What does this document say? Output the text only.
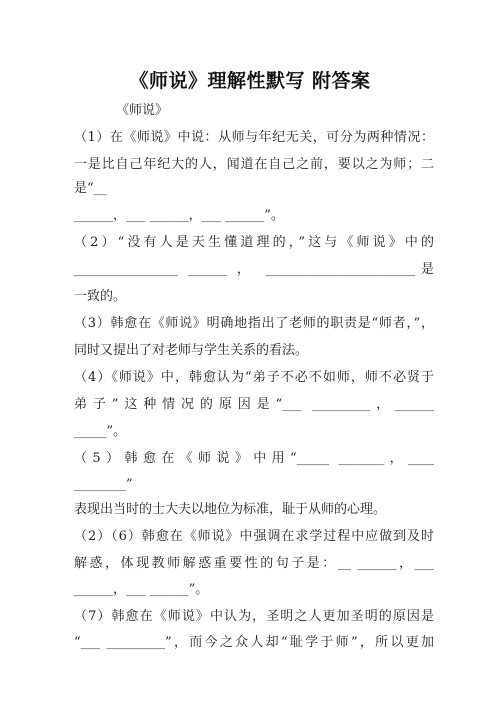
《师说》理解性默写 附答案
《师说》
（1）在《师说》中说：从师与年纪无关，可分为两种情况：
一是比自己年纪大的人，闻道在自己之前，要以之为师；二
是“__
______，___ ______，___ ______”。
（2）“没有人是天生懂道理的，”这与《师说》中的
________________ ______ ， _______________________是
一致的。
（3）韩愈在《师说》明确地指出了老师的职责是“师者，”，
同时又提出了对老师与学生关系的看法。
（4）《师说》中，韩愈认为“弟子不必不如师，师不必贤于
弟子”这种情况的原因是“___ _________，______
_____”。
（5）韩愈在《师说》中用“_____ _______，____
________”
表现出当时的士大夫以地位为标准，耻于从师的心理。
（2）（6）韩愈在《师说》中强调在求学过程中应做到及时
解惑，体现教师解惑重要性的句子是：__ ______，___
______，___ ______”。
（7）韩愈在《师说》中认为，圣明之人更加圣明的原因是
“___ _________”，而今之众人却“耻学于师”，所以更加
